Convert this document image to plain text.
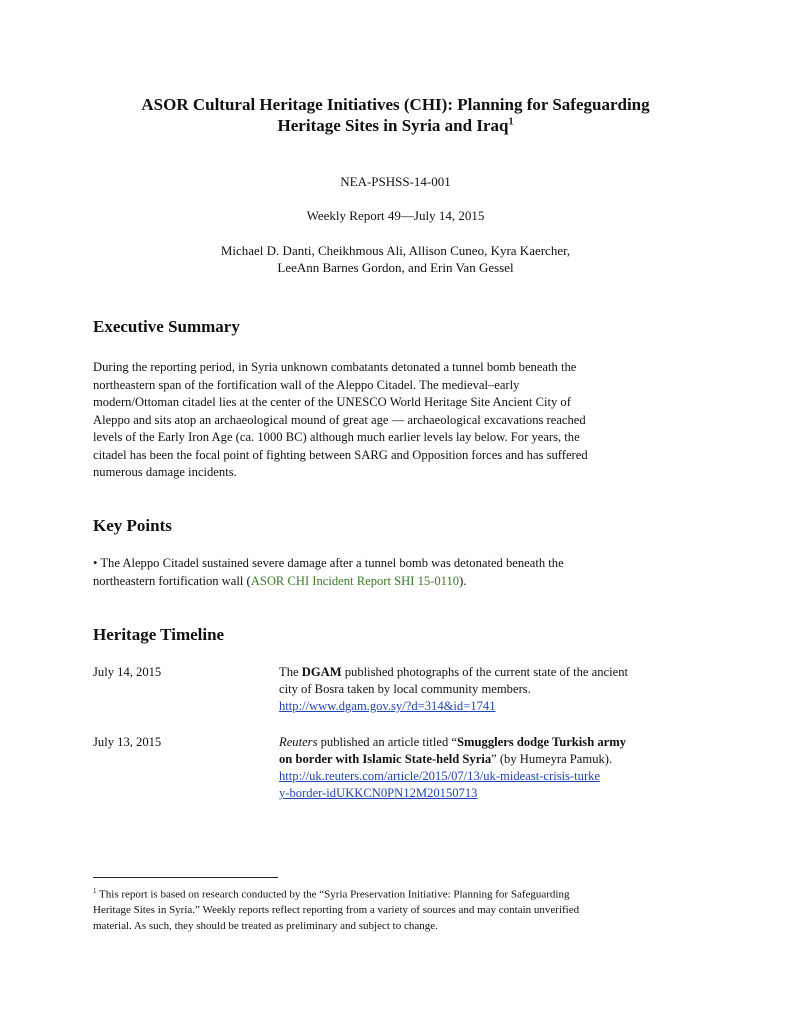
ASOR Cultural Heritage Initiatives (CHI): Planning for Safeguarding
Heritage Sites in Syria and Iraq$^1$
NEA-PSHSS-14-001
Weekly Report 49—July 14, 2015
Michael D. Danti, Cheikhmous Ali, Allison Cuneo, Kyra Kaercher,
LeeAnn Barnes Gordon, and Erin Van Gessel
Executive Summary
During the reporting period, in Syria unknown combatants detonated a tunnel bomb beneath the
northeastern span of the fortification wall of the Aleppo Citadel. The medieval–early
modern/Ottoman citadel lies at the center of the UNESCO World Heritage Site Ancient City of
Aleppo and sits atop an archaeological mound of great age — archaeological excavations reached
levels of the Early Iron Age (ca. 1000 BC) although much earlier levels lay below. For years, the
citadel has been the focal point of fighting between SARG and Opposition forces and has suffered
numerous damage incidents.
Key Points
• The Aleppo Citadel sustained severe damage after a tunnel bomb was detonated beneath the
northeastern fortification wall (ASOR CHI Incident Report SHI 15-0110).
Heritage Timeline
July 14, 2015	The DGAM published photographs of the current state of the ancient
city of Bosra taken by local community members.
http://www.dgam.gov.sy/?d=314&id=1741
July 13, 2015	Reuters published an article titled “Smugglers dodge Turkish army
on border with Islamic State-held Syria” (by Humeyra Pamuk).
http://uk.reuters.com/article/2015/07/13/uk-mideast-crisis-turke
y-border-idUKKCN0PN12M20150713
$^1$ This report is based on research conducted by the “Syria Preservation Initiative: Planning for Safeguarding
Heritage Sites in Syria.” Weekly reports reflect reporting from a variety of sources and may contain unverified
material. As such, they should be treated as preliminary and subject to change.
